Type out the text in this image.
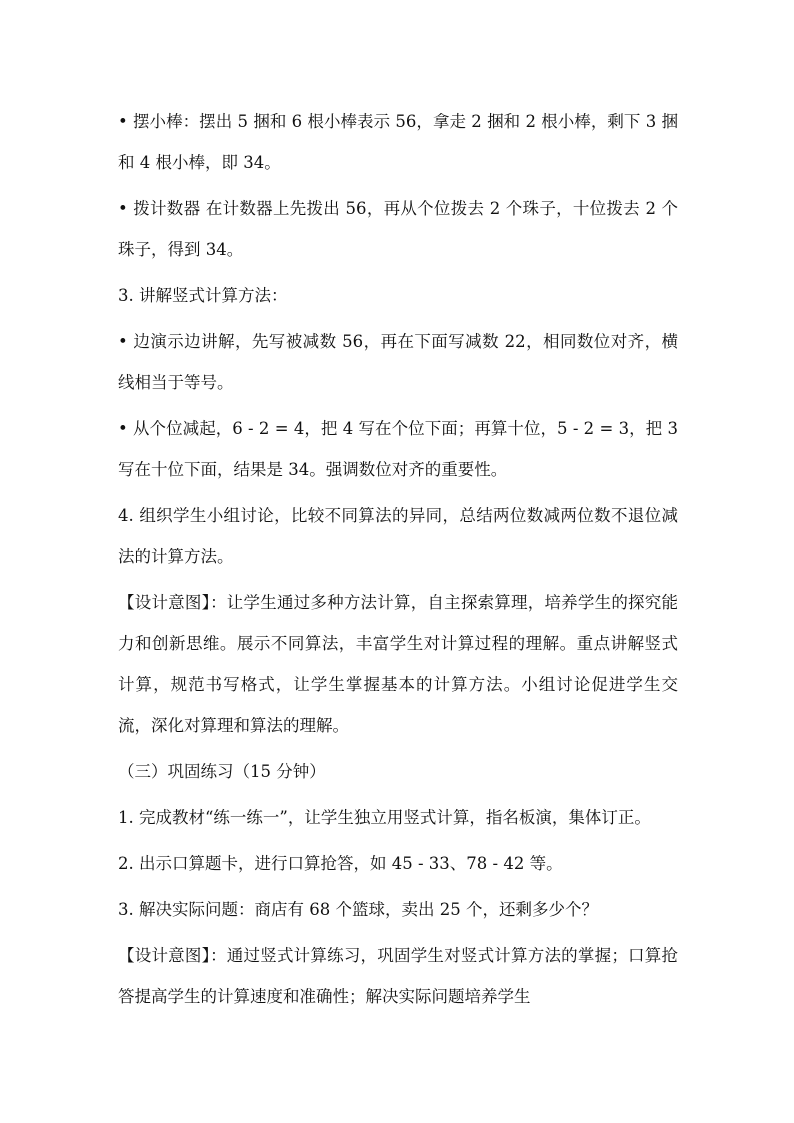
• 摆小棒：摆出 5 捆和 6 根小棒表示 56，拿走 2 捆和 2 根小棒，剩下 3 捆和 4 根小棒，即 34。

• 拨计数器 在计数器上先拨出 56，再从个位拨去 2 个珠子，十位拨去 2 个珠子，得到 34。

3. 讲解竖式计算方法：

• 边演示边讲解，先写被减数 56，再在下面写减数 22，相同数位对齐，横线相当于等号。

• 从个位减起，6 - 2 = 4，把 4 写在个位下面；再算十位，5 - 2 = 3，把 3 写在十位下面，结果是 34。强调数位对齐的重要性。

4. 组织学生小组讨论，比较不同算法的异同，总结两位数减两位数不退位减法的计算方法。

【设计意图】：让学生通过多种方法计算，自主探索算理，培养学生的探究能力和创新思维。展示不同算法，丰富学生对计算过程的理解。重点讲解竖式计算，规范书写格式，让学生掌握基本的计算方法。小组讨论促进学生交流，深化对算理和算法的理解。

（三）巩固练习（15 分钟）

1. 完成教材“练一练一”，让学生独立用竖式计算，指名板演，集体订正。

2. 出示口算题卡，进行口算抢答，如 45 - 33、78 - 42 等。

3. 解决实际问题：商店有 68 个篮球，卖出 25 个，还剩多少个？

【设计意图】：通过竖式计算练习，巩固学生对竖式计算方法的掌握；口算抢答提高学生的计算速度和准确性；解决实际问题培养学生
